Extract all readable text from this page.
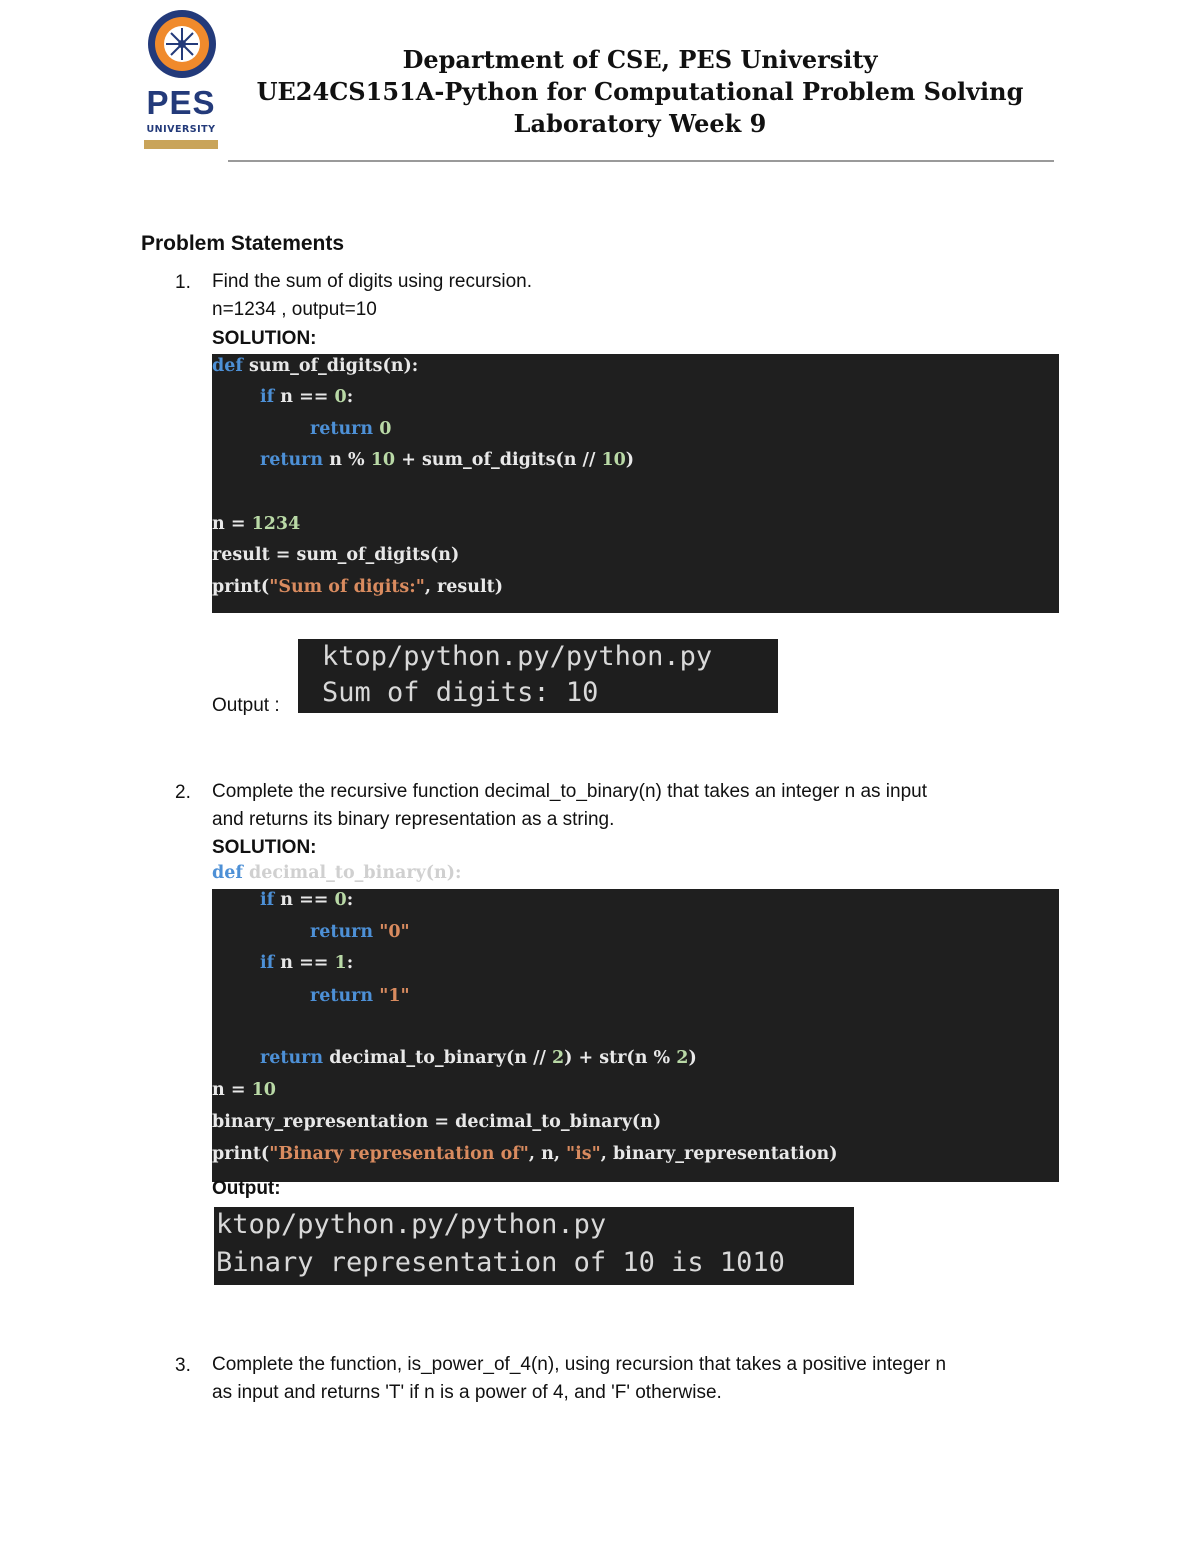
PES
UNIVERSITY
Department of CSE, PES University
UE24CS151A-Python for Computational Problem Solving
Laboratory Week 9
Problem Statements
1. Find the sum of digits using recursion.
n=1234 , output=10
SOLUTION:
def sum_of_digits(n):
if n == 0:
return 0
return n % 10 + sum_of_digits(n // 10)
n = 1234
result = sum_of_digits(n)
print("Sum of digits:", result)
Output :
ktop/python.py/python.py
Sum of digits: 10
2. Complete the recursive function decimal_to_binary(n) that takes an integer n as input
and returns its binary representation as a string.
SOLUTION:
def decimal_to_binary(n):
if n == 0:
return "0"
if n == 1:
return "1"
return decimal_to_binary(n // 2) + str(n % 2)
n = 10
binary_representation = decimal_to_binary(n)
print("Binary representation of", n, "is", binary_representation)
Output:
ktop/python.py/python.py
Binary representation of 10 is 1010
3. Complete the function, is_power_of_4(n), using recursion that takes a positive integer n
as input and returns 'T' if n is a power of 4, and 'F' otherwise.
